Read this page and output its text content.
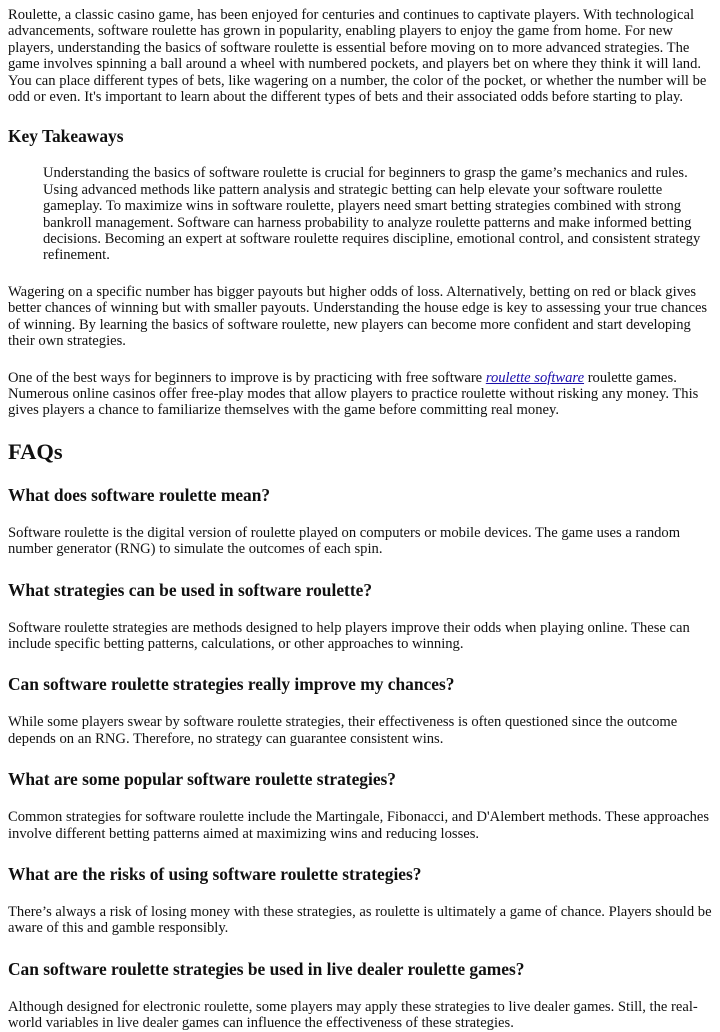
Roulette, a classic casino game, has been enjoyed for centuries and continues to captivate players. With technological advancements, software roulette has grown in popularity, enabling players to enjoy the game from home. For new players, understanding the basics of software roulette is essential before moving on to more advanced strategies. The game involves spinning a ball around a wheel with numbered pockets, and players bet on where they think it will land. You can place different types of bets, like wagering on a number, the color of the pocket, or whether the number will be odd or even. It's important to learn about the different types of bets and their associated odds before starting to play.

Key Takeaways

Understanding the basics of software roulette is crucial for beginners to grasp the game’s mechanics and rules. Using advanced methods like pattern analysis and strategic betting can help elevate your software roulette gameplay. To maximize wins in software roulette, players need smart betting strategies combined with strong bankroll management. Software can harness probability to analyze roulette patterns and make informed betting decisions. Becoming an expert at software roulette requires discipline, emotional control, and consistent strategy refinement.

Wagering on a specific number has bigger payouts but higher odds of loss. Alternatively, betting on red or black gives better chances of winning but with smaller payouts. Understanding the house edge is key to assessing your true chances of winning. By learning the basics of software roulette, new players can become more confident and start developing their own strategies.

One of the best ways for beginners to improve is by practicing with free software roulette software roulette games. Numerous online casinos offer free-play modes that allow players to practice roulette without risking any money. This gives players a chance to familiarize themselves with the game before committing real money.

FAQs
What does software roulette mean?

Software roulette is the digital version of roulette played on computers or mobile devices. The game uses a random number generator (RNG) to simulate the outcomes of each spin.

What strategies can be used in software roulette?

Software roulette strategies are methods designed to help players improve their odds when playing online. These can include specific betting patterns, calculations, or other approaches to winning.

Can software roulette strategies really improve my chances?

While some players swear by software roulette strategies, their effectiveness is often questioned since the outcome depends on an RNG. Therefore, no strategy can guarantee consistent wins.

What are some popular software roulette strategies?

Common strategies for software roulette include the Martingale, Fibonacci, and D'Alembert methods. These approaches involve different betting patterns aimed at maximizing wins and reducing losses.

What are the risks of using software roulette strategies?

There’s always a risk of losing money with these strategies, as roulette is ultimately a game of chance. Players should be aware of this and gamble responsibly.

Can software roulette strategies be used in live dealer roulette games?

Although designed for electronic roulette, some players may apply these strategies to live dealer games. Still, the real-world variables in live dealer games can influence the effectiveness of these strategies.
